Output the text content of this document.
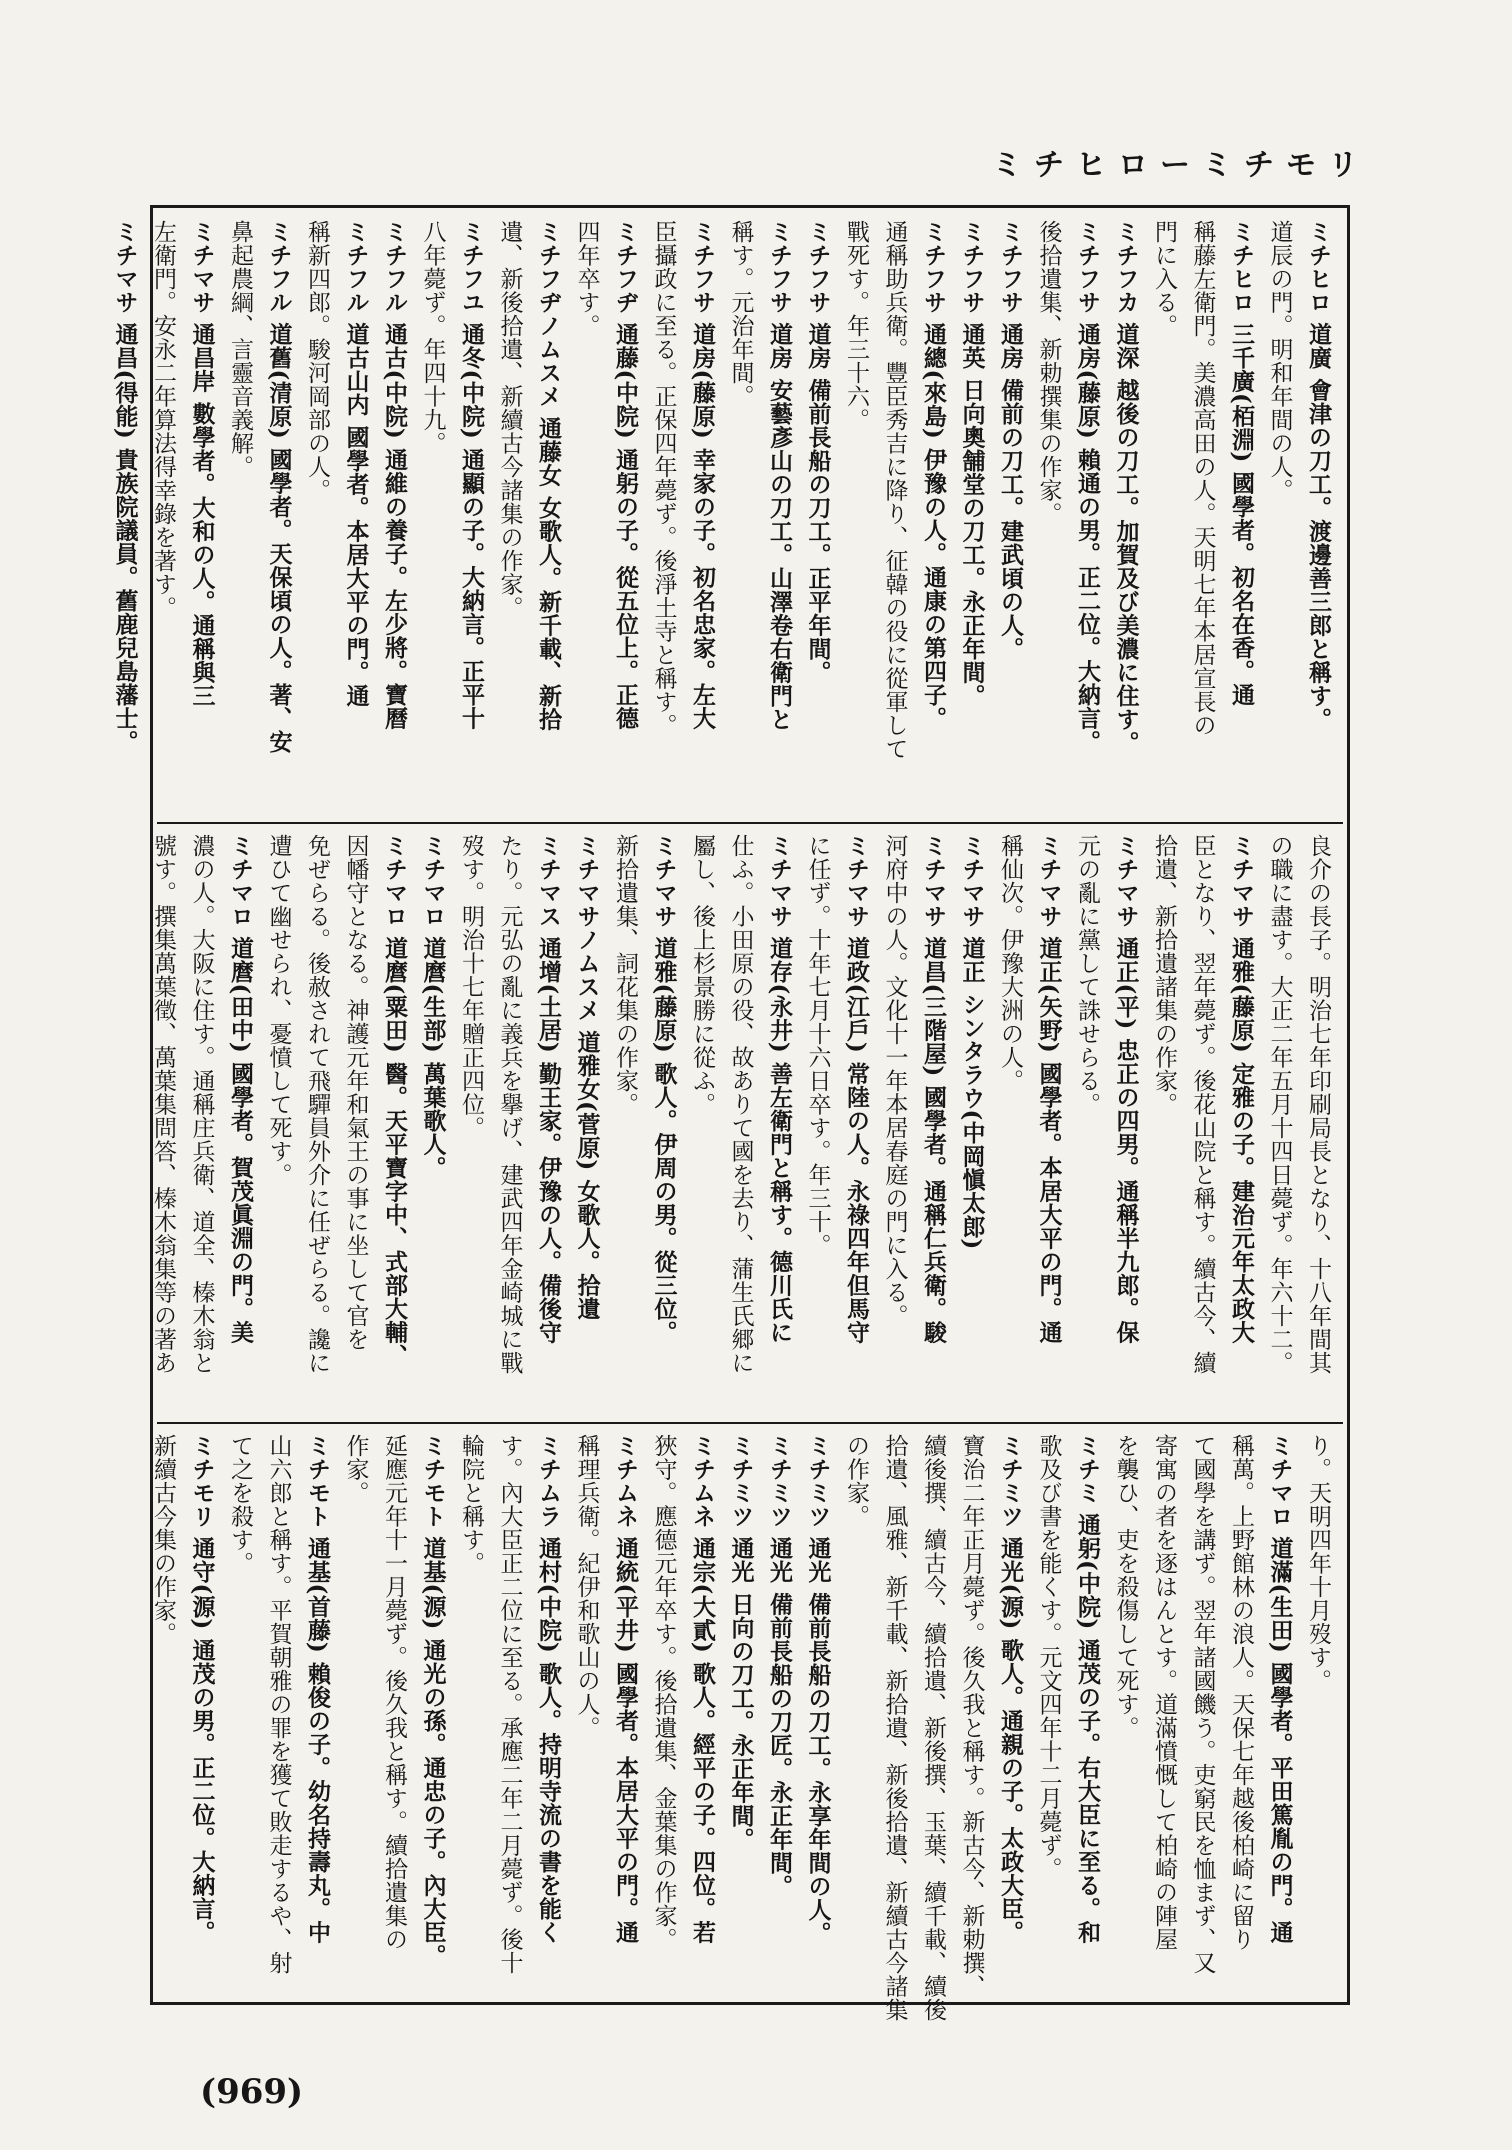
ミチヒローミチモリ
ミチヒロ 道廣 會津の刀工。渡邊善三郎と稱す。
道辰の門。明和年間の人。
ミチヒロ 三千廣(栢淵) 國學者。初名在香。通
稱藤左衛門。美濃高田の人。天明七年本居宣長の
門に入る。
ミチフカ 道深 越後の刀工。加賀及び美濃に住す。
ミチフサ 通房(藤原) 賴通の男。正二位。大納言。
後拾遺集、新勅撰集の作家。
ミチフサ 通房 備前の刀工。建武頃の人。
ミチフサ 通英 日向奧舗堂の刀工。永正年間。
ミチフサ 通總(來島) 伊豫の人。通康の第四子。
通稱助兵衛。豐臣秀吉に降り、征韓の役に從軍して
戰死す。年三十六。
ミチフサ 道房 備前長船の刀工。正平年間。
ミチフサ 道房 安藝彥山の刀工。山澤卷右衛門と
稱す。元治年間。
ミチフサ 道房(藤原) 幸家の子。初名忠家。左大
臣攝政に至る。正保四年薨ず。後淨土寺と稱す。
ミチフヂ 通藤(中院) 通躬の子。從五位上。正德
四年卒す。
ミチフヂノムスメ 通藤女 女歌人。新千載、新拾
遺、新後拾遺、新續古今諸集の作家。
ミチフユ 通冬(中院) 通顯の子。大納言。正平十
八年薨ず。年四十九。
ミチフル 通古(中院) 通維の養子。左少將。寶曆
ミチフル 道古山内 國學者。本居大平の門。通
稱新四郎。駿河岡部の人。
ミチフル 道舊(清原) 國學者。天保頃の人。著、安
鼻起農綱、言靈音義解。
ミチマサ 通昌岸 數學者。大和の人。通稱與三
左衛門。安永二年算法得幸錄を著す。
ミチマサ 通昌(得能) 貴族院議員。舊鹿兒島藩士。
良介の長子。明治七年印刷局長となり、十八年間其
の職に盡す。大正二年五月十四日薨ず。年六十二。
ミチマサ 通雅(藤原) 定雅の子。建治元年太政大
臣となり、翌年薨ず。後花山院と稱す。續古今、續
拾遺、新拾遺諸集の作家。
ミチマサ 通正(平) 忠正の四男。通稱半九郎。保
元の亂に黨して誅せらる。
ミチマサ 道正(矢野) 國學者。本居大平の門。通
稱仙次。伊豫大洲の人。
ミチマサ 道正 シンタラウ(中岡愼太郎)
ミチマサ 道昌(三階屋) 國學者。通稱仁兵衛。駿
河府中の人。文化十一年本居春庭の門に入る。
ミチマサ 道政(江戶) 常陸の人。永祿四年但馬守
に任ず。十年七月十六日卒す。年三十。
ミチマサ 道存(永井) 善左衛門と稱す。德川氏に
仕ふ。小田原の役、故ありて國を去り、蒲生氏郷に
屬し、後上杉景勝に從ふ。
ミチマサ 道雅(藤原) 歌人。伊周の男。從三位。
新拾遺集、詞花集の作家。
ミチマサノムスメ 道雅女(菅原) 女歌人。拾遺
ミチマス 通增(土居) 勤王家。伊豫の人。備後守
たり。元弘の亂に義兵を擧げ、建武四年金崎城に戰
歿す。明治十七年贈正四位。
ミチマロ 道麿(生部) 萬葉歌人。
ミチマロ 道麿(粟田) 醫。天平寶字中、式部大輔、
因幡守となる。神護元年和氣王の事に坐して官を
免ぜらる。後赦されて飛驒員外介に任ぜらる。讒に
遭ひて幽せられ、憂憤して死す。
ミチマロ 道麿(田中) 國學者。賀茂眞淵の門。美
濃の人。大阪に住す。通稱庄兵衛、道全、榛木翁と
號す。撰集萬葉徵、萬葉集問答、榛木翁集等の著あ
り。天明四年十月歿す。
ミチマロ 道滿(生田) 國學者。平田篤胤の門。通
稱萬。上野館林の浪人。天保七年越後柏崎に留り
て國學を講ず。翌年諸國饑う。吏窮民を恤まず、又
寄寓の者を逐はんとす。道滿憤慨して柏崎の陣屋
を襲ひ、吏を殺傷して死す。
ミチミ 通躬(中院) 通茂の子。右大臣に至る。和
歌及び書を能くす。元文四年十二月薨ず。
ミチミツ 通光(源) 歌人。通親の子。太政大臣。
寶治二年正月薨ず。後久我と稱す。新古今、新勅撰、
續後撰、續古今、續拾遺、新後撰、玉葉、續千載、續後
拾遺、風雅、新千載、新拾遺、新後拾遺、新續古今諸集
の作家。
ミチミツ 通光 備前長船の刀工。永享年間の人。
ミチミツ 通光 備前長船の刀匠。永正年間。
ミチミツ 通光 日向の刀工。永正年間。
ミチムネ 通宗(大貳) 歌人。經平の子。四位。若
狹守。應德元年卒す。後拾遺集、金葉集の作家。
ミチムネ 通統(平井) 國學者。本居大平の門。通
稱理兵衛。紀伊和歌山の人。
ミチムラ 通村(中院) 歌人。持明寺流の書を能く
す。內大臣正二位に至る。承應二年二月薨ず。後十
輪院と稱す。
ミチモト 道基(源) 通光の孫。通忠の子。內大臣。
延應元年十一月薨ず。後久我と稱す。續拾遺集の
作家。
ミチモト 通基(首藤) 賴俊の子。幼名持壽丸。中
山六郎と稱す。平賀朝雅の罪を獲て敗走するや、射
て之を殺す。
ミチモリ 通守(源) 通茂の男。正二位。大納言。
新續古今集の作家。
(969)
